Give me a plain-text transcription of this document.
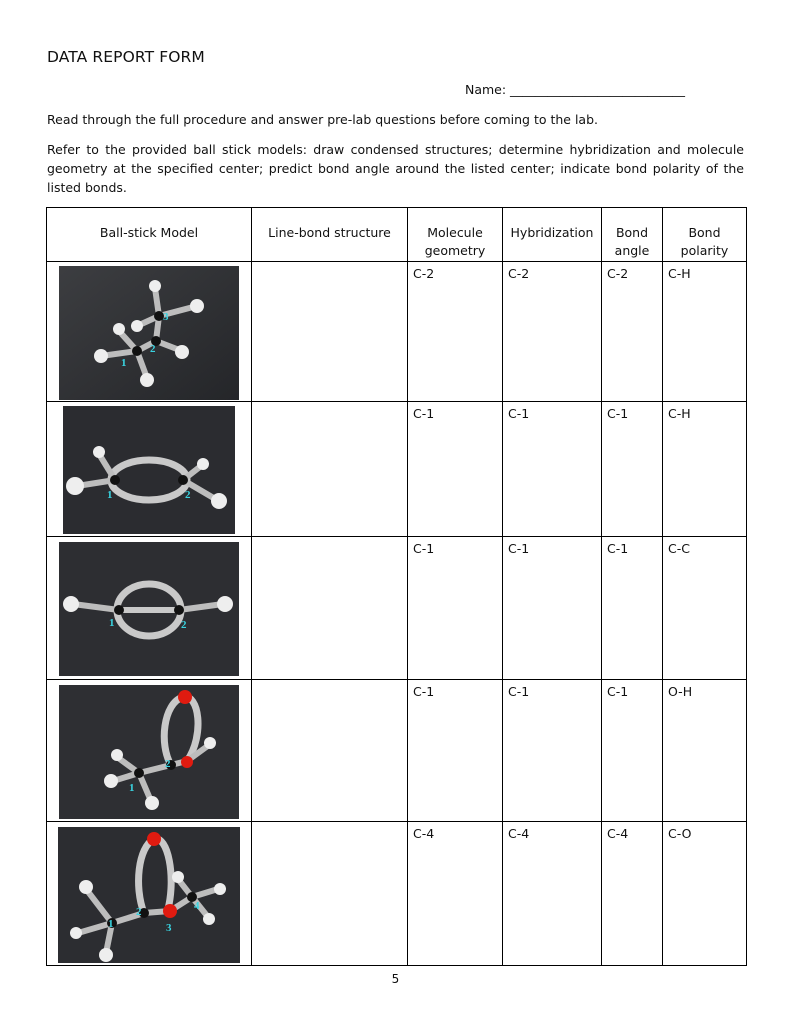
DATA REPORT FORM
Name: ____________________________
Read through the full procedure and answer pre-lab questions before coming to the lab.
Refer to the provided ball stick models: draw condensed structures; determine hybridization and molecule geometry at the specified center; predict bond angle around the listed center; indicate bond polarity of the listed bonds.
Ball-stick Model	Line-bond structure	Molecule geometry	Hybridization	Bond angle	Bond polarity

1
2
3		C-2	C-2	C-2	C-H

1 2		C-1	C-1	C-1	C-H

1 2		C-1	C-1	C-1	C-C

1
2		C-1	C-1	C-1	O-H

1
2
3
4		C-4	C-4	C-4	C-O
5
